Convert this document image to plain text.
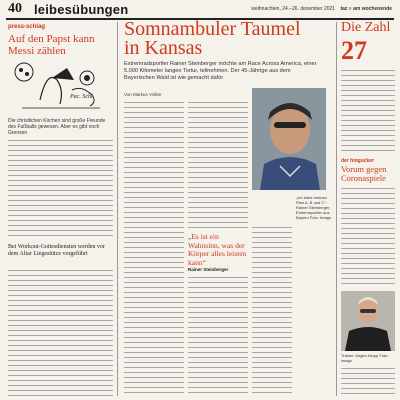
40 leibesübungen	weihnachten, 24.–26. dezember 2021 taz ≡ am wochenende
press-schlag
Auf den Papst kann Messi zählen
Pac. Schl.
Die christlichen Kirchen sind große Freunde des Fußballs gewesen. Aber es gibt noch Grenzen
Bei Workout-Gottesdiensten werden vor dem Altar Liegestütze vorgeführt
Somnambuler Taumel in Kansas
Extremradsportler Rainer Steinberger möchte am Race Across America, einer 5.000 Kilometer langen Tortur, teilnehmen. Der 45-Jährige aus dem Bayerischen Wald ist wie gemacht dafür
Von Markus Völker
„Ich habe meinen Plan A, B und C“: Rainer Steinberger, Extremsportler aus Bayern Foto: Imago
„Es ist ein Wahnsinn, was der Körper alles leisten kann“
Rainer Steinberger
Die Zahl
27
der hingucker
Vorum gegen Coronaspiele
Trainer Jürgen Klopp Foto: imago
